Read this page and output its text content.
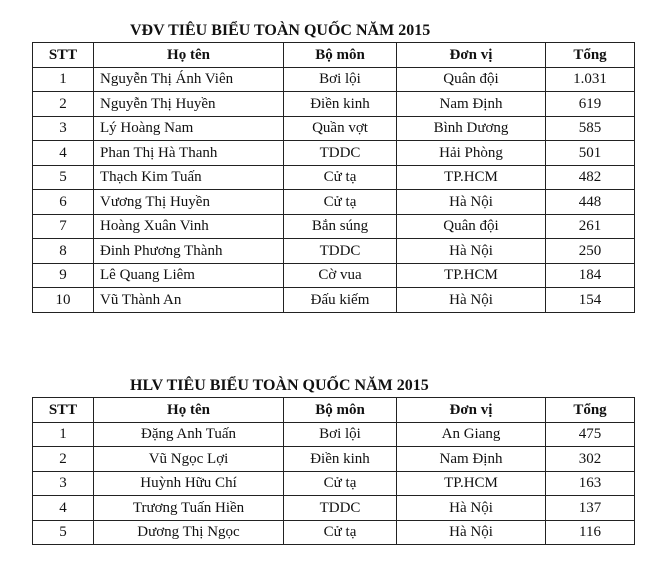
VĐV TIÊU BIỂU TOÀN QUỐC NĂM 2015
STT	Họ tên	Bộ môn	Đơn vị	Tổng
1	Nguyễn Thị Ánh Viên	Bơi lội	Quân đội	1.031
2	Nguyễn Thị Huyền	Điền kinh	Nam Định	619
3	Lý Hoàng Nam	Quần vợt	Bình Dương	585
4	Phan Thị Hà Thanh	TDDC	Hải Phòng	501
5	Thạch Kim Tuấn	Cử tạ	TP.HCM	482
6	Vương Thị Huyền	Cử tạ	Hà Nội	448
7	Hoàng Xuân Vinh	Bắn súng	Quân đội	261
8	Đinh Phương Thành	TDDC	Hà Nội	250
9	Lê Quang Liêm	Cờ vua	TP.HCM	184
10	Vũ Thành An	Đấu kiếm	Hà Nội	154
HLV TIÊU BIỂU TOÀN QUỐC NĂM 2015
STT	Họ tên	Bộ môn	Đơn vị	Tổng
1	Đặng Anh Tuấn	Bơi lội	An Giang	475
2	Vũ Ngọc Lợi	Điền kinh	Nam Định	302
3	Huỳnh Hữu Chí	Cử tạ	TP.HCM	163
4	Trương Tuấn Hiền	TDDC	Hà Nội	137
5	Dương Thị Ngọc	Cử tạ	Hà Nội	116
